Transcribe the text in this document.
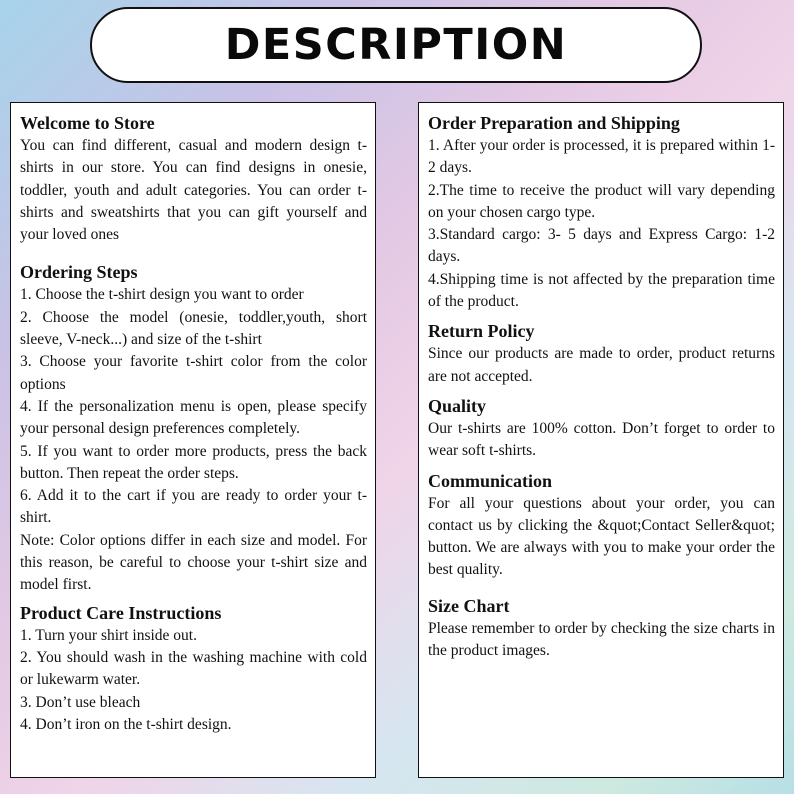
DESCRIPTION
Welcome to Store

You can find different, casual and modern design t-shirts in our store. You can find designs in onesie, toddler, youth and adult categories. You can order t-shirts and sweatshirts that you can gift yourself and your loved ones

Ordering Steps

1. Choose the t-shirt design you want to order

2. Choose the model (onesie, toddler,youth, short sleeve, V-neck...) and size of the t-shirt

3. Choose your favorite t-shirt color from the color options

4. If the personalization menu is open, please specify your personal design preferences completely.

5. If you want to order more products, press the back button. Then repeat the order steps.

6. Add it to the cart if you are ready to order your t-shirt.

Note: Color options differ in each size and model. For this reason, be careful to choose your t-shirt size and model first.

Product Care Instructions

1. Turn your shirt inside out.

2. You should wash in the washing machine with cold or lukewarm water.

3. Don’t use bleach

4. Don’t iron on the t-shirt design.

Order Preparation and Shipping

1. After your order is processed, it is prepared within 1-2 days.

2.The time to receive the product will vary depending on your chosen cargo type.

3.Standard cargo: 3- 5 days and Express Cargo: 1-2 days.

4.Shipping time is not affected by the preparation time of the product.

Return Policy

Since our products are made to order, product returns are not accepted.

Quality

Our t-shirts are 100% cotton. Don’t forget to order to wear soft t-shirts.

Communication

For all your questions about your order, you can contact us by clicking the &quot;Contact Seller&quot; button. We are always with you to make your order the best quality.

Size Chart

Please remember to order by checking the size charts in the product images.
